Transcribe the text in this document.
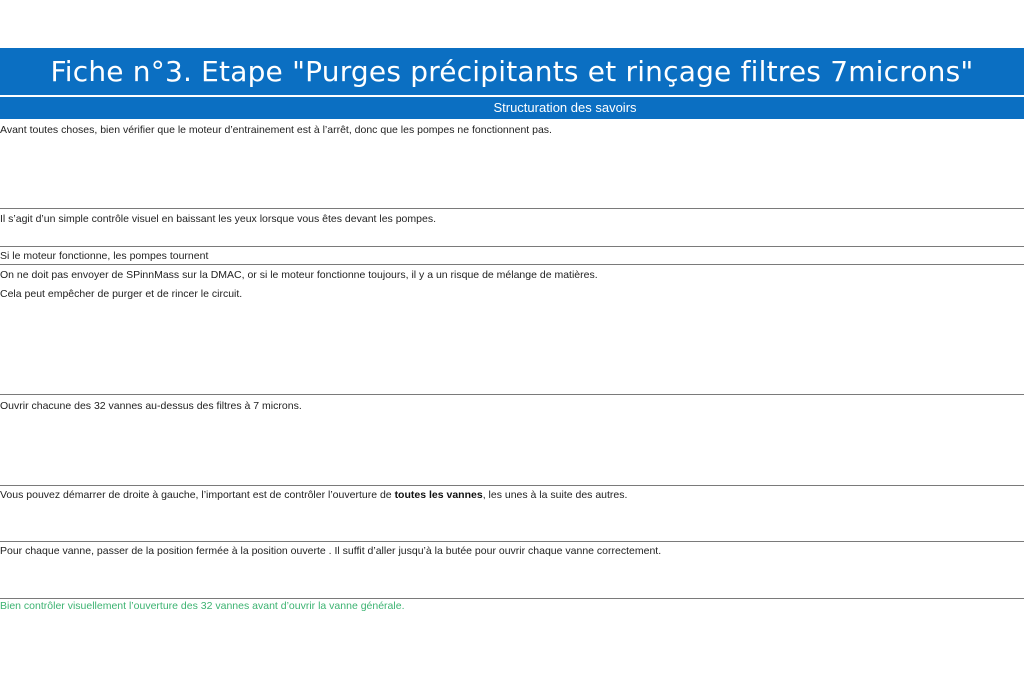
Fiche n°3. Etape "Purges précipitants et rinçage filtres 7microns"
Structuration des savoirs
Avant toutes choses, bien vérifier que le moteur d’entrainement est à l’arrêt, donc que les pompes ne fonctionnent pas.
Il s’agit d’un simple contrôle visuel en baissant les yeux lorsque vous êtes devant les pompes.
Si le moteur fonctionne, les pompes tournent
On ne doit pas envoyer de SPinnMass sur la DMAC, or si le moteur fonctionne toujours, il y a un risque de mélange de matières.
Cela peut empêcher de purger et de rincer le circuit.
Ouvrir chacune des 32 vannes au-dessus des filtres à 7 microns.
Vous pouvez démarrer de droite à gauche, l’important est de contrôler l’ouverture de toutes les vannes, les unes à la suite des autres.
Pour chaque vanne, passer de la position fermée à la position ouverte . Il suffit d’aller jusqu’à la butée pour ouvrir chaque vanne correctement.
Bien contrôler visuellement l’ouverture des 32 vannes avant d’ouvrir la vanne générale.
